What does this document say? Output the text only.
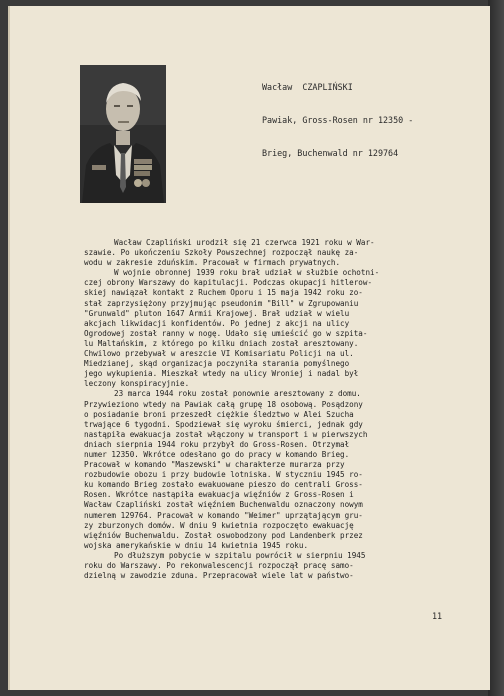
Wacław  CZAPLIŃSKI

Pawiak, Gross-Rosen nr 12350 -

Brieg, Buchenwald nr 129764

Wacław Czapliński urodził się 21 czerwca 1921 roku w War-
szawie. Po ukończeniu Szkoły Powszechnej rozpoczął naukę za-
wodu w zakresie zduńskim. Pracował w firmach prywatnych.
W wojnie obronnej 1939 roku brał udział w służbie ochotni-
czej obrony Warszawy do kapitulacji. Podczas okupacji hitlerow-
skiej nawiązał kontakt z Ruchem Oporu i 15 maja 1942 roku zo-
stał zaprzysiężony przyjmując pseudonim "Bill" w Zgrupowaniu
"Grunwald" pluton 1647 Armii Krajowej. Brał udział w wielu
akcjach likwidacji konfidentów. Po jednej z akcji na ulicy
Ogrodowej został ranny w nogę. Udało się umieścić go w szpita-
lu Maltańskim, z którego po kilku dniach został aresztowany.
Chwilowo przebywał w areszcie VI Komisariatu Policji na ul.
Miedzianej, skąd organizacja poczyniła starania pomyślnego
jego wykupienia. Mieszkał wtedy na ulicy Wroniej i nadal był
leczony konspiracyjnie.
23 marca 1944 roku został ponownie aresztowany z domu.
Przywieziono wtedy na Pawiak całą grupę 18 osobową. Posądzony
o posiadanie broni przeszedł ciężkie śledztwo w Alei Szucha
trwające 6 tygodni. Spodziewał się wyroku śmierci, jednak gdy
nastąpiła ewakuacja został włączony w transport i w pierwszych
dniach sierpnia 1944 roku przybył do Gross-Rosen. Otrzymał
numer 12350. Wkrótce odesłano go do pracy w komando Brieg.
Pracował w komando "Maszewski" w charakterze murarza przy
rozbudowie obozu i przy budowie lotniska. W styczniu 1945 ro-
ku komando Brieg zostało ewakuowane pieszo do centrali Gross-
Rosen. Wkrótce nastąpiła ewakuacja więźniów z Gross-Rosen i
Wacław Czapliński został więźniem Buchenwaldu oznaczony nowym
numerem 129764. Pracował w komando "Weimer" uprzątającym gru-
zy zburzonych domów. W dniu 9 kwietnia rozpoczęto ewakuację
więźniów Buchenwaldu. Został oswobodzony pod Landenberk przez
wojska amerykańskie w dniu 14 kwietnia 1945 roku.
Po dłuższym pobycie w szpitalu powrócił w sierpniu 1945
roku do Warszawy. Po rekonwalescencji rozpoczął pracę samo-
dzielną w zawodzie zduna. Przepracował wiele lat w państwo-
11
